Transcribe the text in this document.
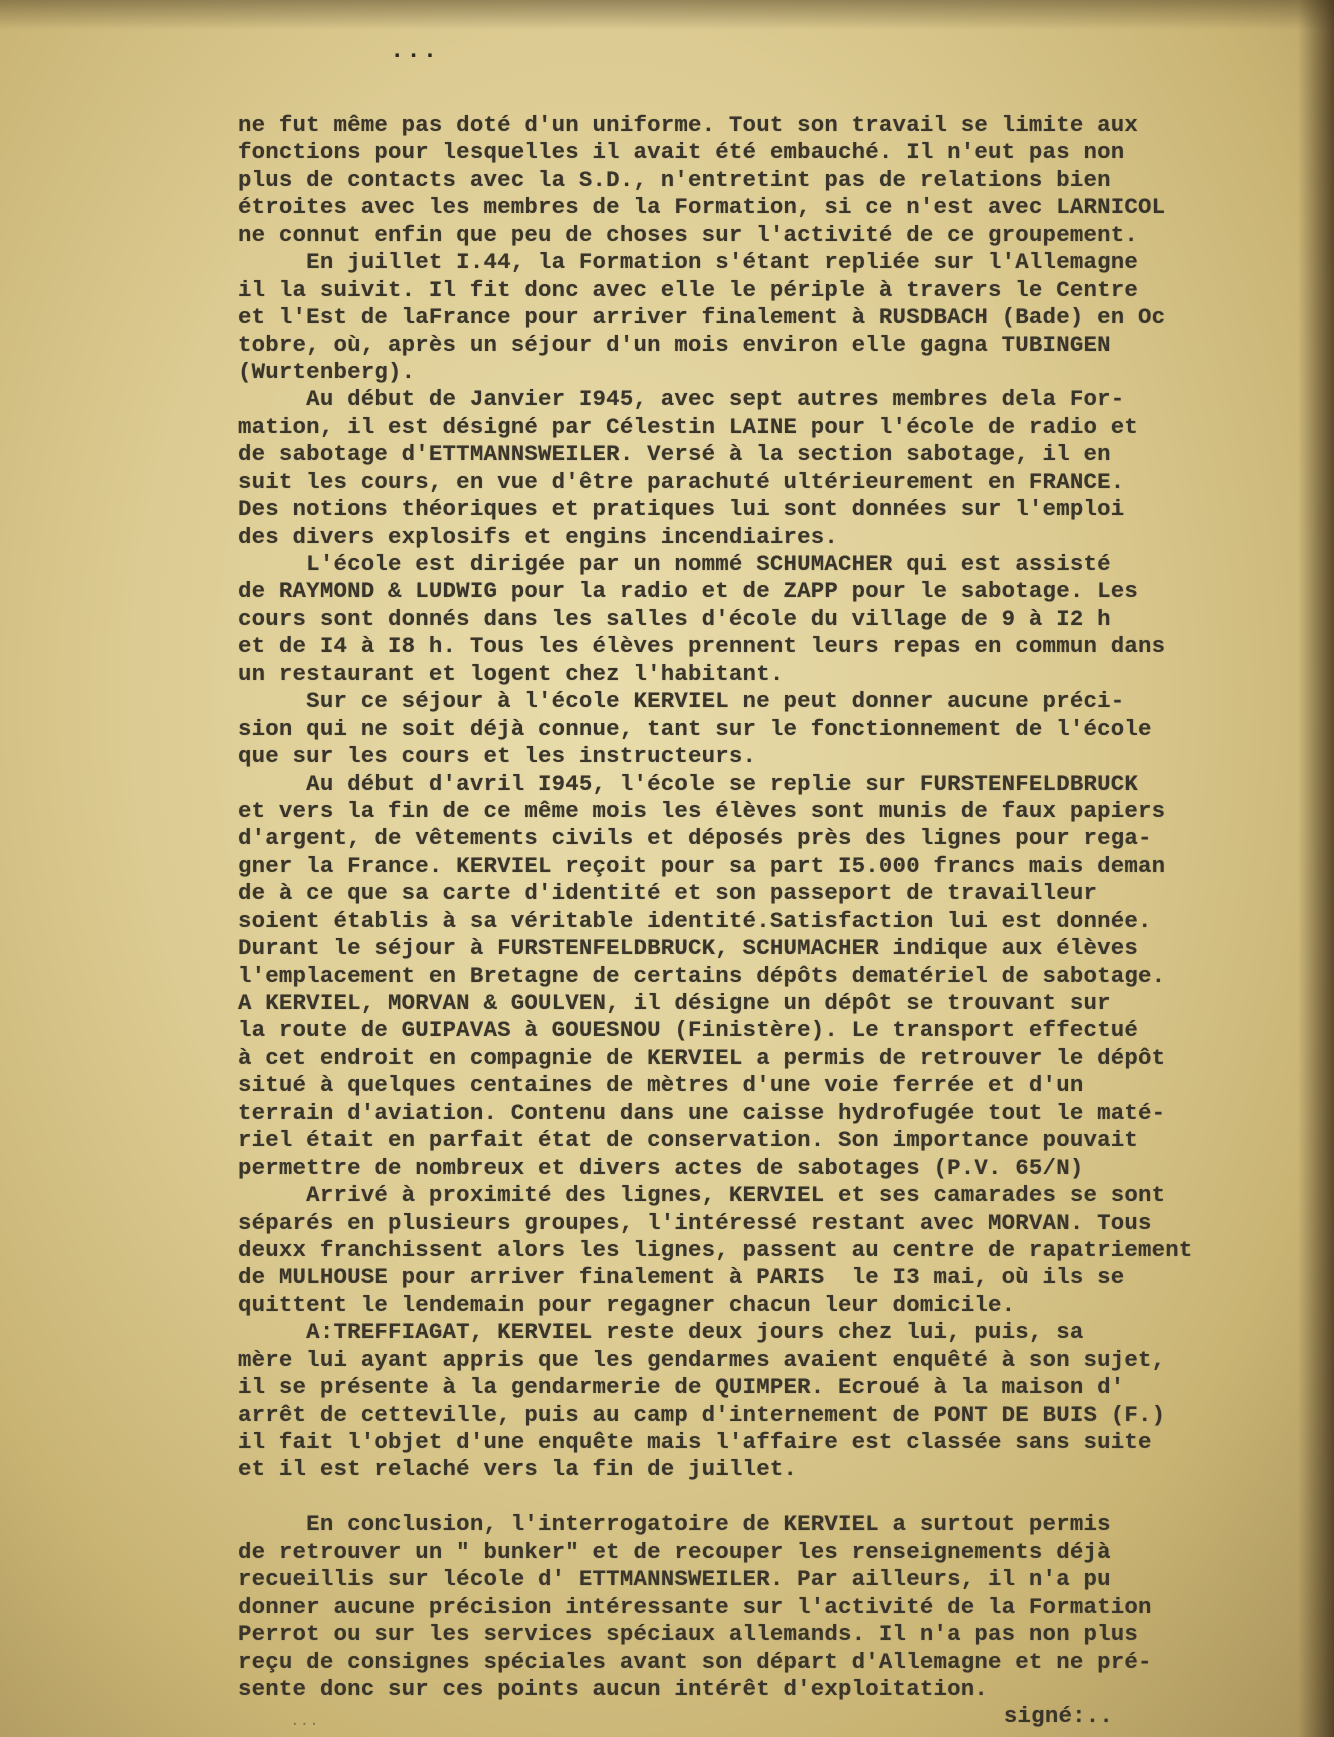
...
ne fut même pas doté d'un uniforme. Tout son travail se limite aux
fonctions pour lesquelles il avait été embauché. Il n'eut pas non
plus de contacts avec la S.D., n'entretint pas de relations bien
étroites avec les membres de la Formation, si ce n'est avec LARNICOL
ne connut enfin que peu de choses sur l'activité de ce groupement.
En juillet I.44, la Formation s'étant repliée sur l'Allemagne
il la suivit. Il fit donc avec elle le périple à travers le Centre
et l'Est de laFrance pour arriver finalement à RUSDBACH (Bade) en Oc
tobre, où, après un séjour d'un mois environ elle gagna TUBINGEN
(Wurtenberg).
Au début de Janvier I945, avec sept autres membres dela For-
mation, il est désigné par Célestin LAINE pour l'école de radio et
de sabotage d'ETTMANNSWEILER. Versé à la section sabotage, il en
suit les cours, en vue d'être parachuté ultérieurement en FRANCE.
Des notions théoriques et pratiques lui sont données sur l'emploi
des divers explosifs et engins incendiaires.
L'école est dirigée par un nommé SCHUMACHER qui est assisté
de RAYMOND & LUDWIG pour la radio et de ZAPP pour le sabotage. Les
cours sont donnés dans les salles d'école du village de 9 à I2 h
et de I4 à I8 h. Tous les élèves prennent leurs repas en commun dans
un restaurant et logent chez l'habitant.
Sur ce séjour à l'école KERVIEL ne peut donner aucune préci-
sion qui ne soit déjà connue, tant sur le fonctionnement de l'école
que sur les cours et les instructeurs.
Au début d'avril I945, l'école se replie sur FURSTENFELDBRUCK
et vers la fin de ce même mois les élèves sont munis de faux papiers
d'argent, de vêtements civils et déposés près des lignes pour rega-
gner la France. KERVIEL reçoit pour sa part I5.000 francs mais deman
de à ce que sa carte d'identité et son passeport de travailleur
soient établis à sa véritable identité.Satisfaction lui est donnée.
Durant le séjour à FURSTENFELDBRUCK, SCHUMACHER indique aux élèves
l'emplacement en Bretagne de certains dépôts dematériel de sabotage.
A KERVIEL, MORVAN & GOULVEN, il désigne un dépôt se trouvant sur
la route de GUIPAVAS à GOUESNOU (Finistère). Le transport effectué
à cet endroit en compagnie de KERVIEL a permis de retrouver le dépôt
situé à quelques centaines de mètres d'une voie ferrée et d'un
terrain d'aviation. Contenu dans une caisse hydrofugée tout le maté-
riel était en parfait état de conservation. Son importance pouvait
permettre de nombreux et divers actes de sabotages (P.V. 65/N)
Arrivé à proximité des lignes, KERVIEL et ses camarades se sont
séparés en plusieurs groupes, l'intéressé restant avec MORVAN. Tous
deuxx franchissent alors les lignes, passent au centre de rapatriement
de MULHOUSE pour arriver finalement à PARIS  le I3 mai, où ils se
quittent le lendemain pour regagner chacun leur domicile.
A:TREFFIAGAT, KERVIEL reste deux jours chez lui, puis, sa
mère lui ayant appris que les gendarmes avaient enquêté à son sujet,
il se présente à la gendarmerie de QUIMPER. Ecroué à la maison d'
arrêt de cetteville, puis au camp d'internement de PONT DE BUIS (F.)
il fait l'objet d'une enquête mais l'affaire est classée sans suite
et il est relaché vers la fin de juillet.
En conclusion, l'interrogatoire de KERVIEL a surtout permis
de retrouver un " bunker" et de recouper les renseignements déjà
recueillis sur lécole d' ETTMANNSWEILER. Par ailleurs, il n'a pu
donner aucune précision intéressante sur l'activité de la Formation
Perrot ou sur les services spéciaux allemands. Il n'a pas non plus
reçu de consignes spéciales avant son départ d'Allemagne et ne pré-
sente donc sur ces points aucun intérêt d'exploitation.
signé:..
...
